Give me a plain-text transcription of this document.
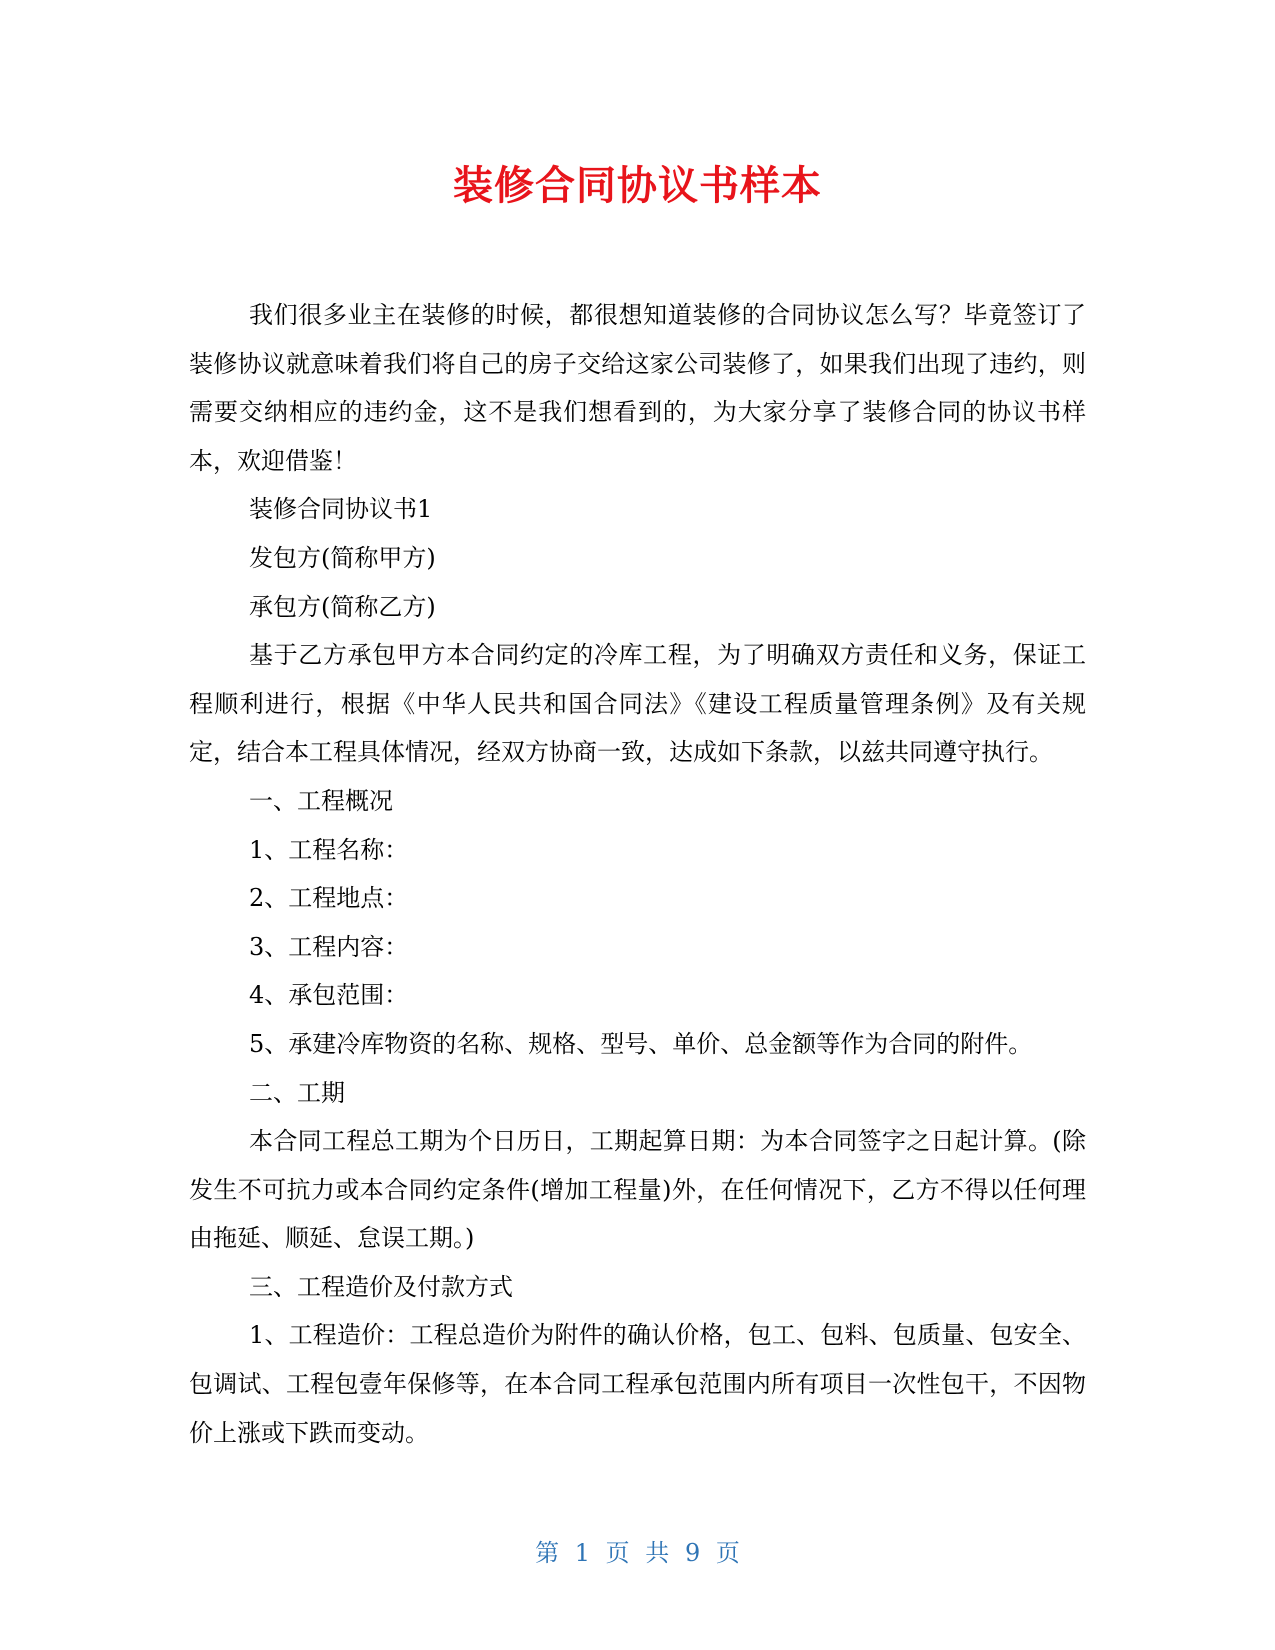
装修合同协议书样本

我们很多业主在装修的时候，都很想知道装修的合同协议怎么写？毕竟签订了装修协议就意味着我们将自己的房子交给这家公司装修了，如果我们出现了违约，则需要交纳相应的违约金，这不是我们想看到的，为大家分享了装修合同的协议书样本，欢迎借鉴！

装修合同协议书1

发包方(简称甲方)

承包方(简称乙方)

基于乙方承包甲方本合同约定的冷库工程，为了明确双方责任和义务，保证工程顺利进行，根据《中华人民共和国合同法》《建设工程质量管理条例》及有关规定，结合本工程具体情况，经双方协商一致，达成如下条款，以兹共同遵守执行。

一、工程概况

1、工程名称：

2、工程地点：

3、工程内容：

4、承包范围：

5、承建冷库物资的名称、规格、型号、单价、总金额等作为合同的附件。

二、工期

本合同工程总工期为个日历日，工期起算日期：为本合同签字之日起计算。(除发生不可抗力或本合同约定条件(增加工程量)外，在任何情况下，乙方不得以任何理由拖延、顺延、怠误工期。)

三、工程造价及付款方式

1、工程造价：工程总造价为附件的确认价格，包工、包料、包质量、包安全、包调试、工程包壹年保修等，在本合同工程承包范围内所有项目一次性包干，不因物价上涨或下跌而变动。

第 1 页 共 9 页
